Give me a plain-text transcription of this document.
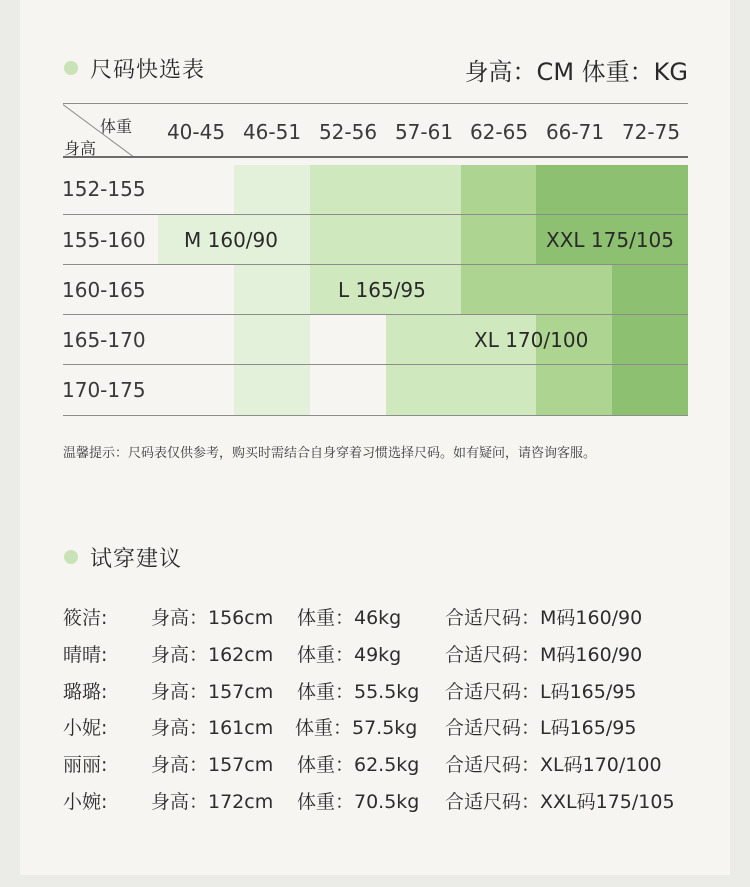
尺码快选表	身高：CM 体重：KG
体重
身高
40-45 46-51 52-56 57-61 62-65 66-71 72-75
152-155
155-160
160-165
165-170
170-175
M 160/90
L 165/95
XL 170/100
XXL 175/105
温馨提示：尺码表仅供参考，购买时需结合自身穿着习惯选择尺码。如有疑问，请咨询客服。
试穿建议
筱洁: 身高：156cm 体重：46kg 合适尺码：M码160/90
晴晴: 身高：162cm 体重：49kg 合适尺码：M码160/90
璐璐: 身高：157cm 体重：55.5kg 合适尺码：L码165/95
小妮: 身高：161cm 体重：57.5kg 合适尺码：L码165/95
丽丽: 身高：157cm 体重：62.5kg 合适尺码：XL码170/100
小婉: 身高：172cm 体重：70.5kg 合适尺码：XXL码175/105
